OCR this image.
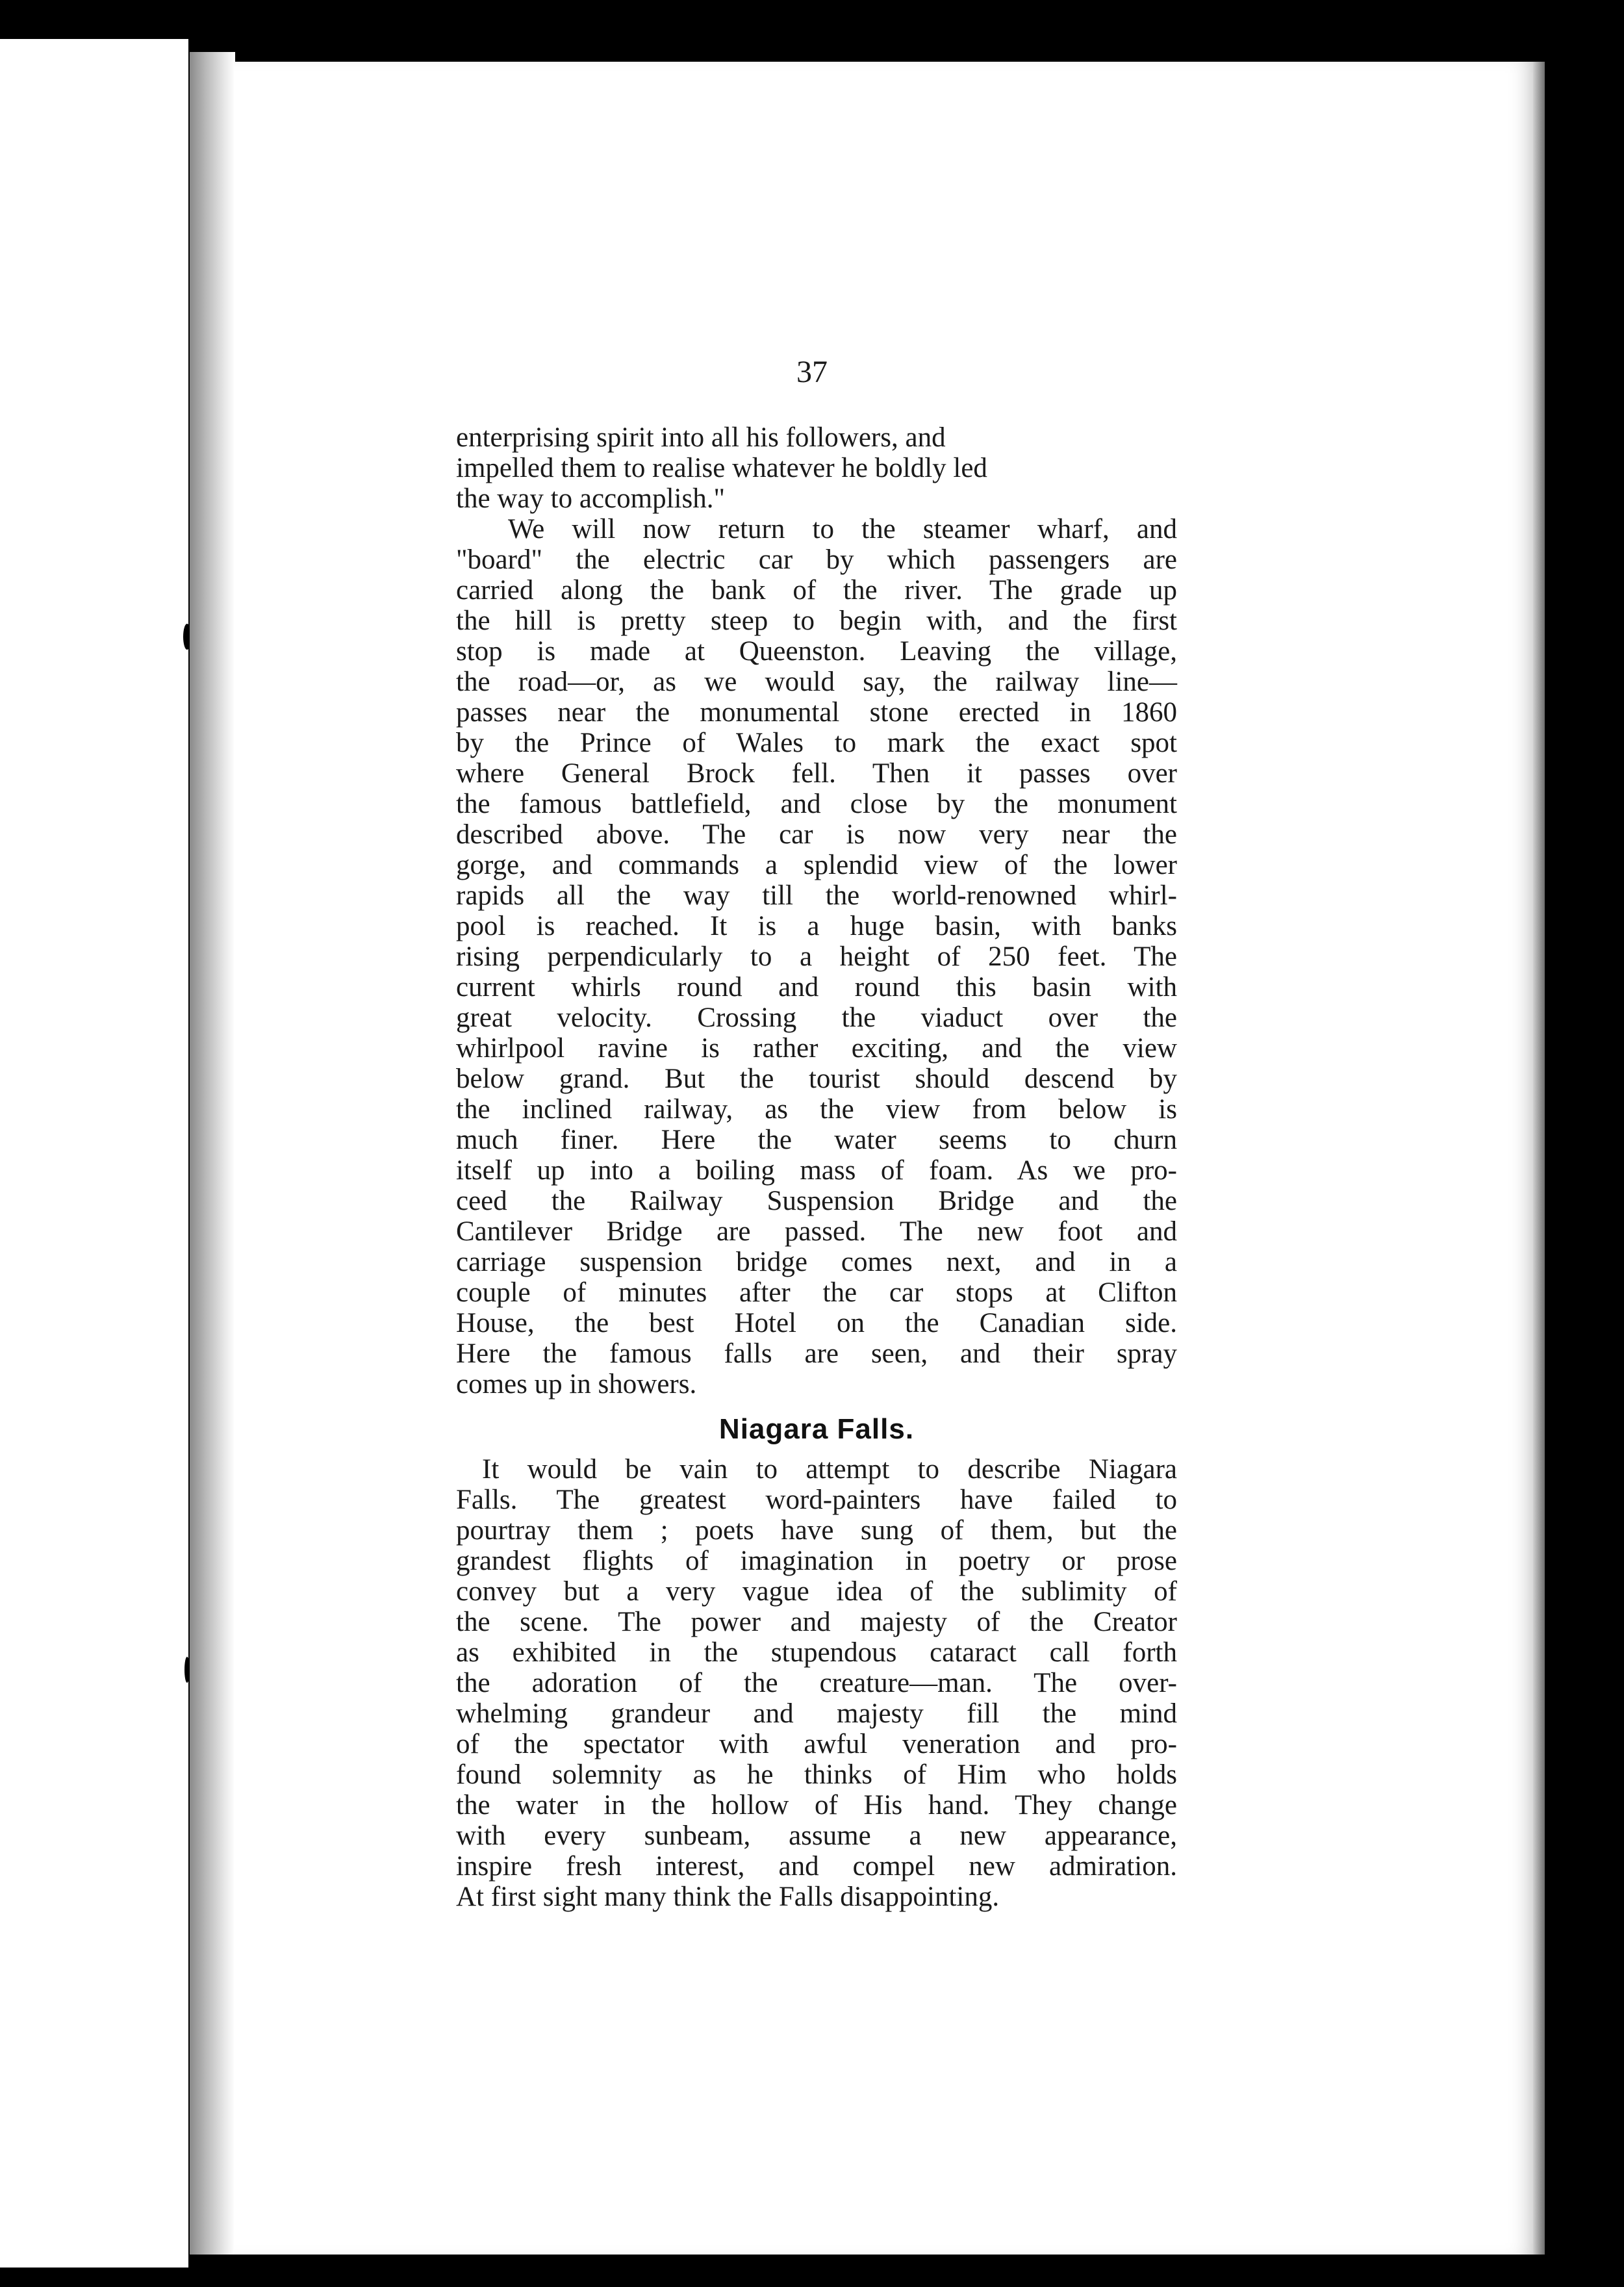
37

enterprising spirit into all his followers, and
impelled them to realise whatever he boldly led
the way to accomplish."

We will now return to the steamer wharf, and
"board" the electric car by which passengers are
carried along the bank of the river. The grade up
the hill is pretty steep to begin with, and the first
stop is made at Queenston. Leaving the village,
the road—or, as we would say, the railway line—
passes near the monumental stone erected in 1860
by the Prince of Wales to mark the exact spot
where General Brock fell. Then it passes over
the famous battlefield, and close by the monument
described above. The car is now very near the
gorge, and commands a splendid view of the lower
rapids all the way till the world-renowned whirl-
pool is reached. It is a huge basin, with banks
rising perpendicularly to a height of 250 feet. The
current whirls round and round this basin with
great velocity. Crossing the viaduct over the
whirlpool ravine is rather exciting, and the view
below grand. But the tourist should descend by
the inclined railway, as the view from below is
much finer. Here the water seems to churn
itself up into a boiling mass of foam. As we pro-
ceed the Railway Suspension Bridge and the
Cantilever Bridge are passed. The new foot and
carriage suspension bridge comes next, and in a
couple of minutes after the car stops at Clifton
House, the best Hotel on the Canadian side.
Here the famous falls are seen, and their spray
comes up in showers.

Niagara Falls.

It would be vain to attempt to describe Niagara
Falls. The greatest word-painters have failed to
pourtray them ; poets have sung of them, but the
grandest flights of imagination in poetry or prose
convey but a very vague idea of the sublimity of
the scene. The power and majesty of the Creator
as exhibited in the stupendous cataract call forth
the adoration of the creature—man. The over-
whelming grandeur and majesty fill the mind
of the spectator with awful veneration and pro-
found solemnity as he thinks of Him who holds
the water in the hollow of His hand. They change
with every sunbeam, assume a new appearance,
inspire fresh interest, and compel new admiration.
At first sight many think the Falls disappointing.
